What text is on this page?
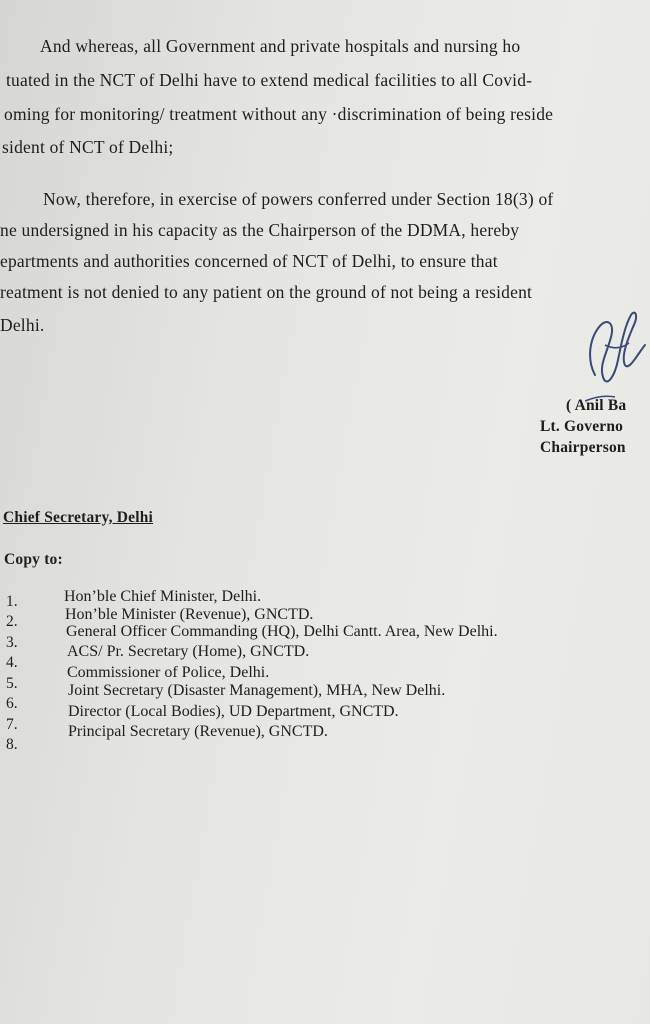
And whereas, all Government and private hospitals and nursing ho
tuated in the NCT of Delhi have to extend medical facilities to all Covid-
oming for monitoring/ treatment without any ·discrimination of being reside
sident of NCT of Delhi;
Now, therefore, in exercise of powers conferred under Section 18(3) of
ne undersigned in his capacity as the Chairperson of the DDMA, hereby
epartments and authorities concerned of NCT of Delhi, to ensure that
reatment is not denied to any patient on the ground of not being a resident
Delhi.
( Anil Ba
Lt. Governo
Chairperson
Chief Secretary, Delhi
Copy to:
1.	Hon’ble Chief Minister, Delhi.
2.	Hon’ble Minister (Revenue), GNCTD.
3.
General Officer Commanding (HQ), Delhi Cantt. Area, New Delhi.
4.
ACS/ Pr. Secretary (Home), GNCTD.
5.
Commissioner of Police, Delhi.
6.
Joint Secretary (Disaster Management), MHA, New Delhi.
7.
Director (Local Bodies), UD Department, GNCTD.
8.
Principal Secretary (Revenue), GNCTD.
